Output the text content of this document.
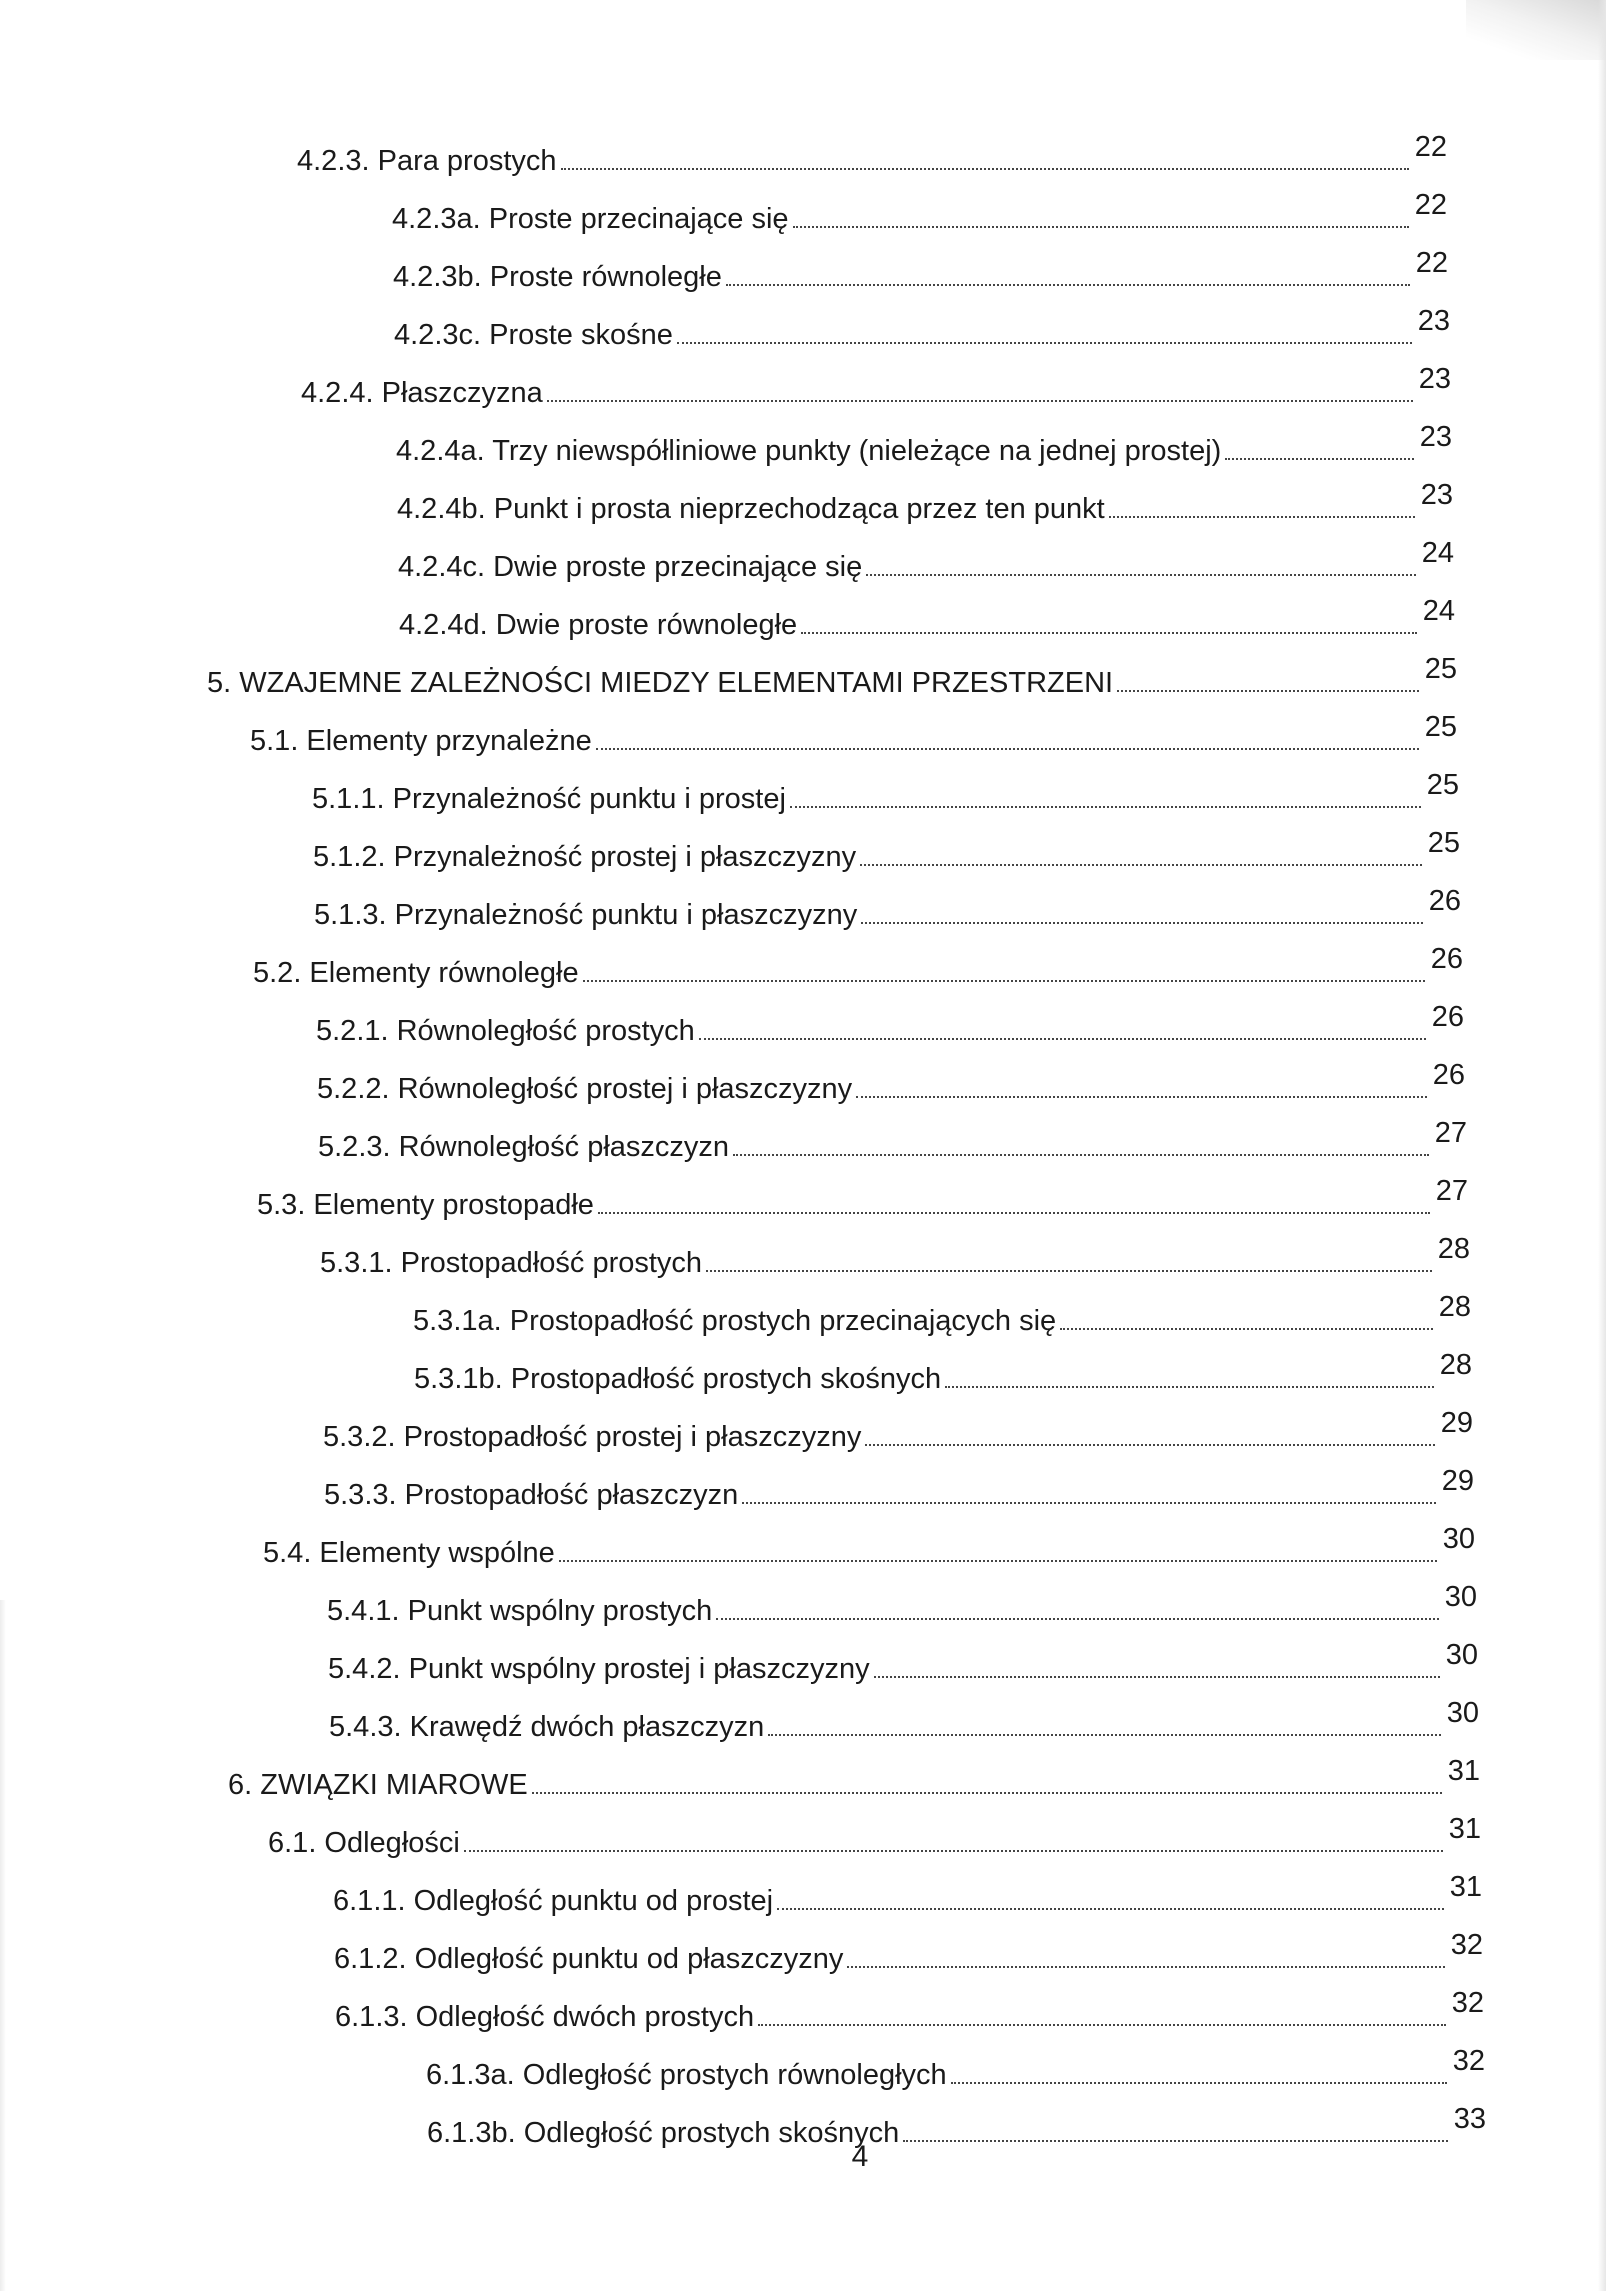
4.2.3. Para prostych	22
4.2.3a. Proste przecinające się	22
4.2.3b. Proste równoległe	22
4.2.3c. Proste skośne	23
4.2.4. Płaszczyzna	23
4.2.4a. Trzy niewspółliniowe punkty (nieleżące na jednej prostej)	23
4.2.4b. Punkt i prosta nieprzechodząca przez ten punkt	23
4.2.4c. Dwie proste przecinające się	24
4.2.4d. Dwie proste równoległe	24
5. WZAJEMNE ZALEŻNOŚCI MIEDZY ELEMENTAMI PRZESTRZENI	25
5.1. Elementy przynależne	25
5.1.1. Przynależność punktu i prostej	25
5.1.2. Przynależność prostej i płaszczyzny	25
5.1.3. Przynależność punktu i płaszczyzny	26
5.2. Elementy równoległe	26
5.2.1. Równoległość prostych	26
5.2.2. Równoległość prostej i płaszczyzny	26
5.2.3. Równoległość płaszczyzn	27
5.3. Elementy prostopadłe	27
5.3.1. Prostopadłość prostych	28
5.3.1a. Prostopadłość prostych przecinających się	28
5.3.1b. Prostopadłość prostych skośnych	28
5.3.2. Prostopadłość prostej i płaszczyzny	29
5.3.3. Prostopadłość płaszczyzn	29
5.4. Elementy wspólne	30
5.4.1. Punkt wspólny prostych	30
5.4.2. Punkt wspólny prostej i płaszczyzny	30
5.4.3. Krawędź dwóch płaszczyzn	30
6. ZWIĄZKI MIAROWE	31
6.1. Odległości	31
6.1.1. Odległość punktu od prostej	31
6.1.2. Odległość punktu od płaszczyzny	32
6.1.3. Odległość dwóch prostych	32
6.1.3a. Odległość prostych równoległych	32
6.1.3b. Odległość prostych skośnych	33
4
